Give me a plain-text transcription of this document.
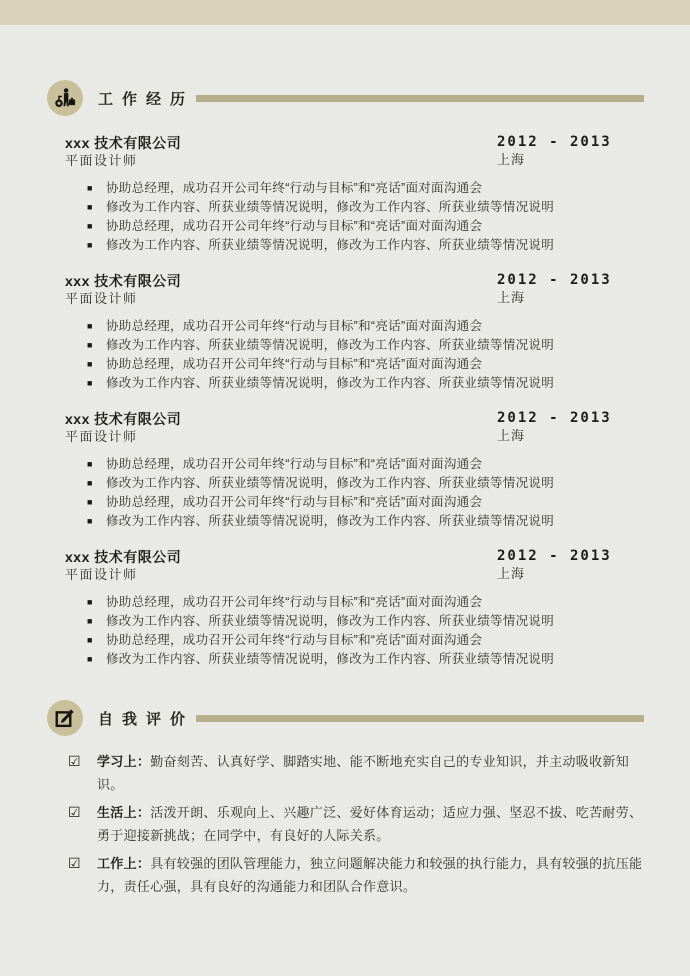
工作经历
xxx 技术有限公司
平面设计师
2012 - 2013
上海
■ 协助总经理，成功召开公司年终“行动与目标”和“亮话”面对面沟通会
■ 修改为工作内容、所获业绩等情况说明，修改为工作内容、所获业绩等情况说明
■ 协助总经理，成功召开公司年终“行动与目标”和“亮话”面对面沟通会
■ 修改为工作内容、所获业绩等情况说明，修改为工作内容、所获业绩等情况说明
xxx 技术有限公司
平面设计师
2012 - 2013
上海
■ 协助总经理，成功召开公司年终“行动与目标”和“亮话”面对面沟通会
■ 修改为工作内容、所获业绩等情况说明，修改为工作内容、所获业绩等情况说明
■ 协助总经理，成功召开公司年终“行动与目标”和“亮话”面对面沟通会
■ 修改为工作内容、所获业绩等情况说明，修改为工作内容、所获业绩等情况说明
xxx 技术有限公司
平面设计师
2012 - 2013
上海
■ 协助总经理，成功召开公司年终“行动与目标”和“亮话”面对面沟通会
■ 修改为工作内容、所获业绩等情况说明，修改为工作内容、所获业绩等情况说明
■ 协助总经理，成功召开公司年终“行动与目标”和“亮话”面对面沟通会
■ 修改为工作内容、所获业绩等情况说明，修改为工作内容、所获业绩等情况说明
xxx 技术有限公司
平面设计师
2012 - 2013
上海
■ 协助总经理，成功召开公司年终“行动与目标”和“亮话”面对面沟通会
■ 修改为工作内容、所获业绩等情况说明，修改为工作内容、所获业绩等情况说明
■ 协助总经理，成功召开公司年终“行动与目标”和“亮话”面对面沟通会
■ 修改为工作内容、所获业绩等情况说明，修改为工作内容、所获业绩等情况说明
自我评价
☑ 学习上：勤奋刻苦、认真好学、脚踏实地、能不断地充实自己的专业知识，并主动吸收新知识。
☑ 生活上：活泼开朗、乐观向上、兴趣广泛、爱好体育运动；适应力强、坚忍不拔、吃苦耐劳、勇于迎接新挑战；在同学中，有良好的人际关系。
☑ 工作上：具有较强的团队管理能力，独立问题解决能力和较强的执行能力，具有较强的抗压能力，责任心强，具有良好的沟通能力和团队合作意识。
